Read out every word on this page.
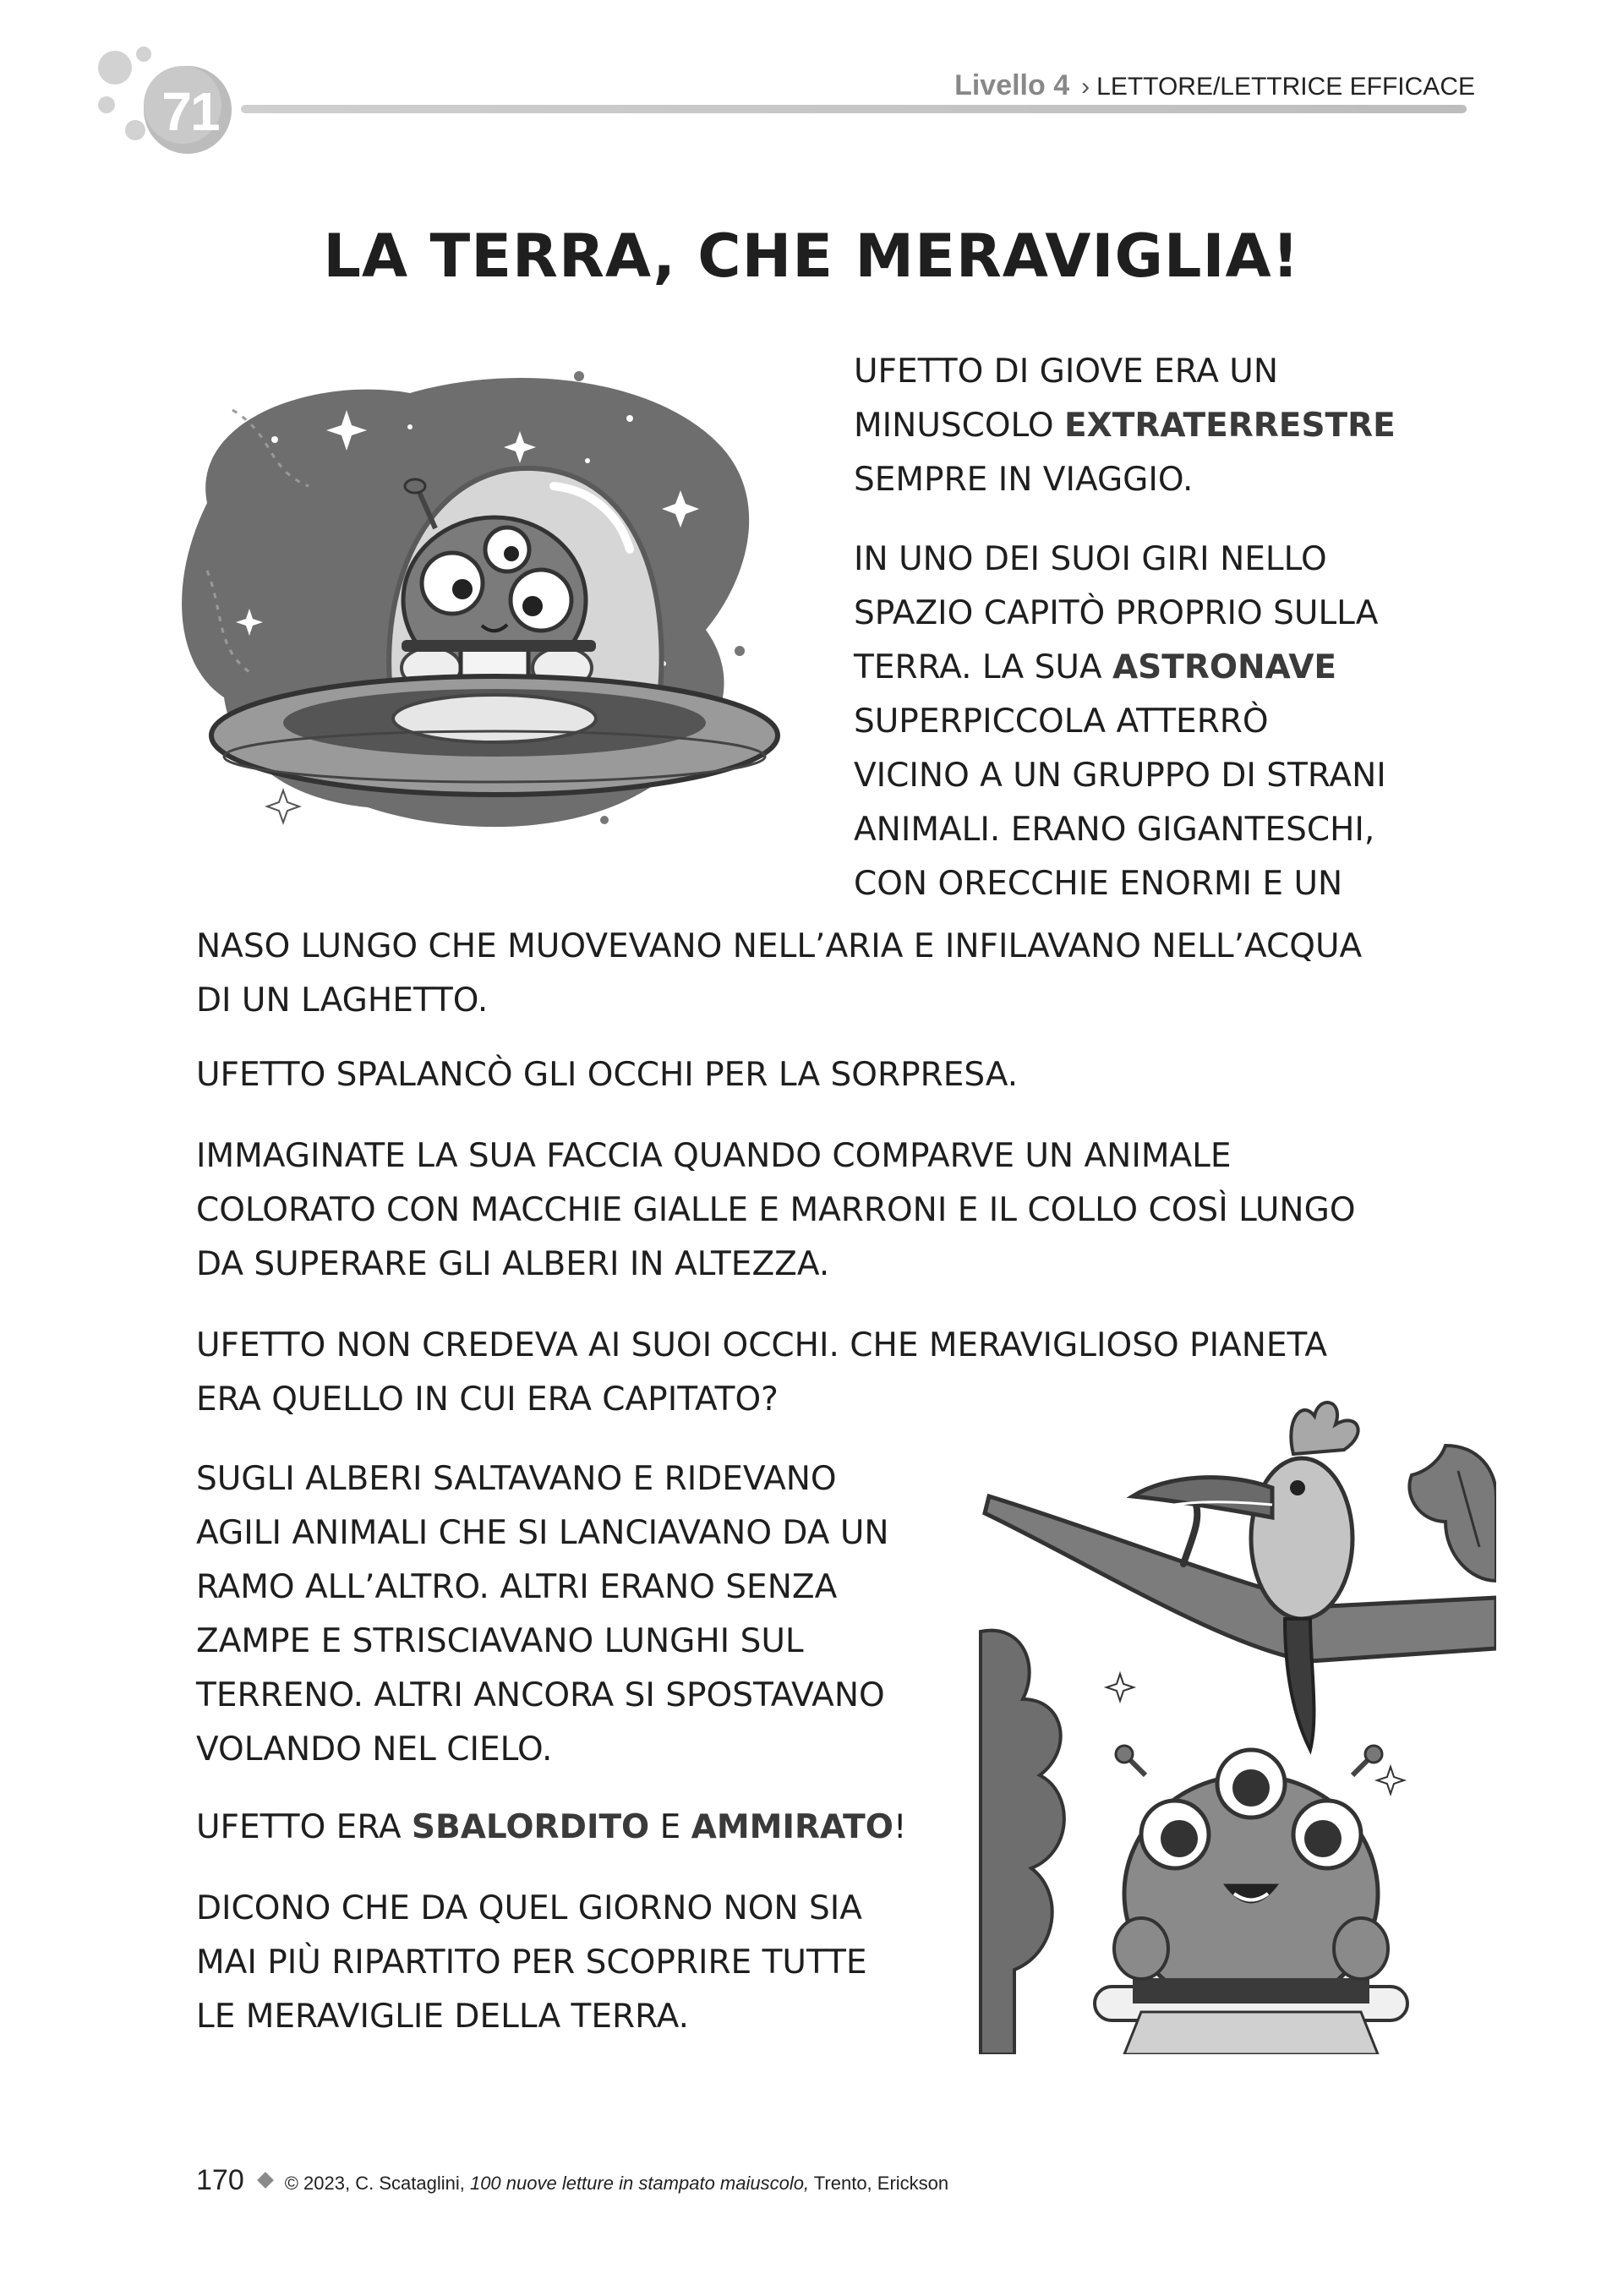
71	Livello 4 › LETTORE/LETTRICE EFFICACE
LA TERRA, CHE MERAVIGLIA!

UFETTO DI GIOVE ERA UN
MINUSCOLO EXTRATERRESTRE
SEMPRE IN VIAGGIO.

IN UNO DEI SUOI GIRI NELLO
SPAZIO CAPITÒ PROPRIO SULLA
TERRA. LA SUA ASTRONAVE
SUPERPICCOLA ATTERRÒ
VICINO A UN GRUPPO DI STRANI
ANIMALI. ERANO GIGANTESCHI,
CON ORECCHIE ENORMI E UN

NASO LUNGO CHE MUOVEVANO NELL’ARIA E INFILAVANO NELL’ACQUA
DI UN LAGHETTO.

UFETTO SPALANCÒ GLI OCCHI PER LA SORPRESA.

IMMAGINATE LA SUA FACCIA QUANDO COMPARVE UN ANIMALE
COLORATO CON MACCHIE GIALLE E MARRONI E IL COLLO COSÌ LUNGO
DA SUPERARE GLI ALBERI IN ALTEZZA.

UFETTO NON CREDEVA AI SUOI OCCHI. CHE MERAVIGLIOSO PIANETA
ERA QUELLO IN CUI ERA CAPITATO?

SUGLI ALBERI SALTAVANO E RIDEVANO
AGILI ANIMALI CHE SI LANCIAVANO DA UN
RAMO ALL’ALTRO. ALTRI ERANO SENZA
ZAMPE E STRISCIAVANO LUNGHI SUL
TERRENO. ALTRI ANCORA SI SPOSTAVANO
VOLANDO NEL CIELO.

UFETTO ERA SBALORDITO E AMMIRATO!

DICONO CHE DA QUEL GIORNO NON SIA
MAI PIÙ RIPARTITO PER SCOPRIRE TUTTE
LE MERAVIGLIE DELLA TERRA.

170 © 2023, C. Scataglini, 100 nuove letture in stampato maiuscolo, Trento, Erickson
